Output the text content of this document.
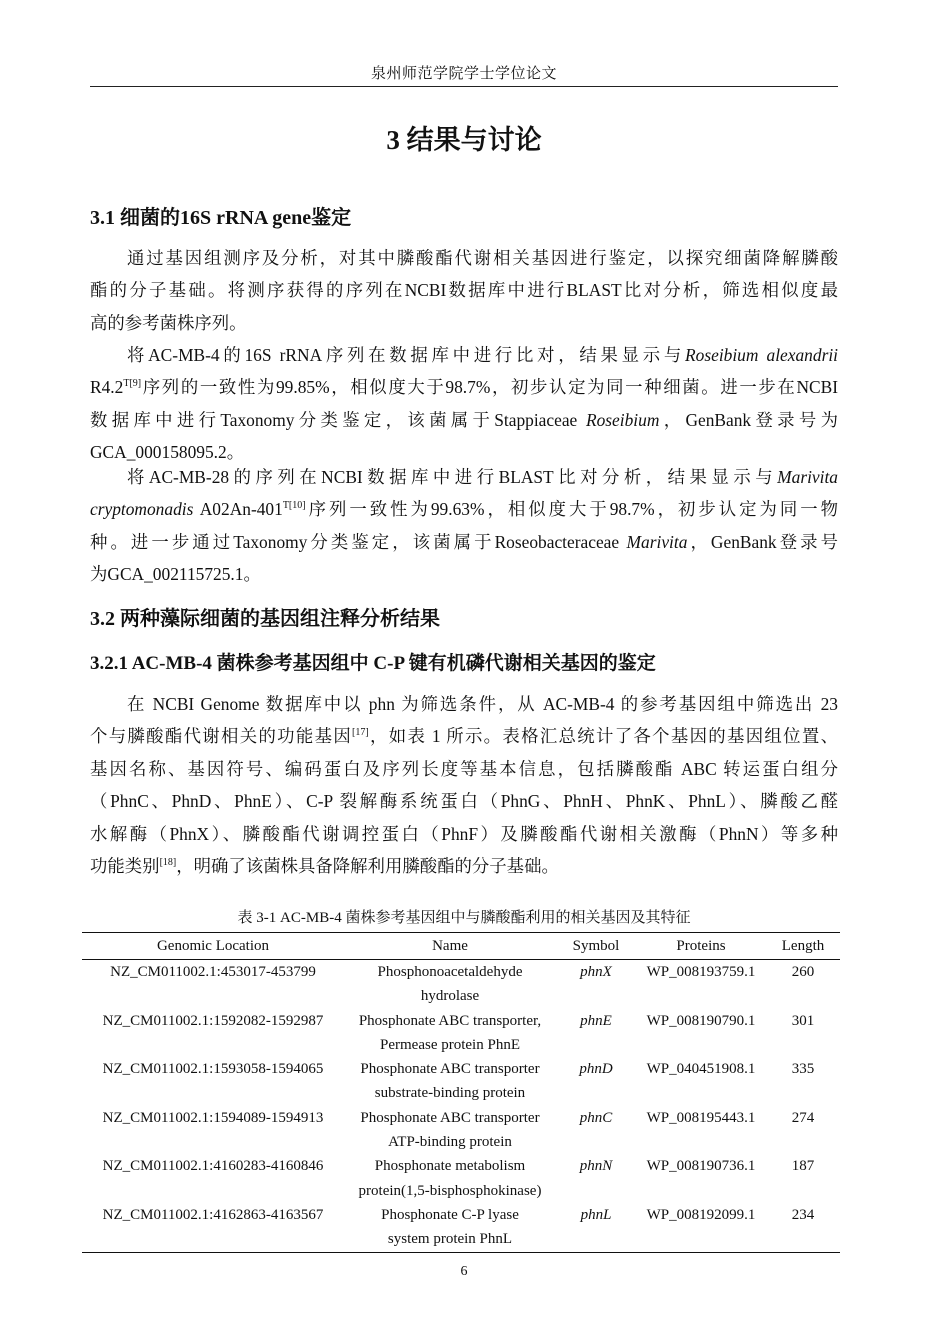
泉州师范学院学士学位论文
3 结果与讨论
3.1 细菌的16S rRNA gene鉴定
通过基因组测序及分析，对其中膦酸酯代谢相关基因进行鉴定，以探究细菌降解膦酸
酯的分子基础。将测序获得的序列在NCBI数据库中进行BLAST比对分析，筛选相似度最
高的参考菌株序列。
将AC-MB-4的16S rRNA序列在数据库中进行比对，结果显示与Roseibium alexandrii
$R4.2^{T[9]}$序列的一致性为99.85%，相似度大于98.7%，初步认定为同一种细菌。进一步在NCBI
数据库中进行Taxonomy分类鉴定，该菌属于Stappiaceae Roseibium，GenBank登录号为
GCA_000158095.2。
将AC-MB-28的序列在NCBI数据库中进行BLAST比对分析，结果显示与Marivita
cryptomonadis $A02An-401^{T[10]}$序列一致性为99.63%，相似度大于98.7%，初步认定为同一物
种。进一步通过Taxonomy分类鉴定，该菌属于Roseobacteraceae Marivita，GenBank登录号
为GCA_002115725.1。
3.2 两种藻际细菌的基因组注释分析结果
3.2.1 AC-MB-4 菌株参考基因组中 C-P 键有机磷代谢相关基因的鉴定
在 NCBI Genome 数据库中以 phn 为筛选条件，从 AC-MB-4 的参考基因组中筛选出 23
个与膦酸酯代谢相关的功能基因[17]，如表 1 所示。表格汇总统计了各个基因的基因组位置、
基因名称、基因符号、编码蛋白及序列长度等基本信息，包括膦酸酯 ABC 转运蛋白组分
（PhnC、PhnD、PhnE）、C-P 裂解酶系统蛋白（PhnG、PhnH、PhnK、PhnL）、膦酸乙醛
水解酶（PhnX）、膦酸酯代谢调控蛋白（PhnF）及膦酸酯代谢相关激酶（PhnN）等多种
功能类别[18]，明确了该菌株具备降解利用膦酸酯的分子基础。
表 3-1 AC-MB-4 菌株参考基因组中与膦酸酯利用的相关基因及其特征
Genomic Location	Name	Symbol	Proteins	Length
NZ_CM011002.1:453017-453799	Phosphonoacetaldehyde
hydrolase	phnX	WP_008193759.1	260
NZ_CM011002.1:1592082-1592987	Phosphonate ABC transporter,
Permease protein PhnE	phnE	WP_008190790.1	301
NZ_CM011002.1:1593058-1594065	Phosphonate ABC transporter
substrate-binding protein	phnD	WP_040451908.1	335
NZ_CM011002.1:1594089-1594913	Phosphonate ABC transporter
ATP-binding protein	phnC	WP_008195443.1	274
NZ_CM011002.1:4160283-4160846	Phosphonate metabolism
protein(1,5-bisphosphokinase)	phnN	WP_008190736.1	187
NZ_CM011002.1:4162863-4163567	Phosphonate C-P lyase
system protein PhnL	phnL	WP_008192099.1	234
6
